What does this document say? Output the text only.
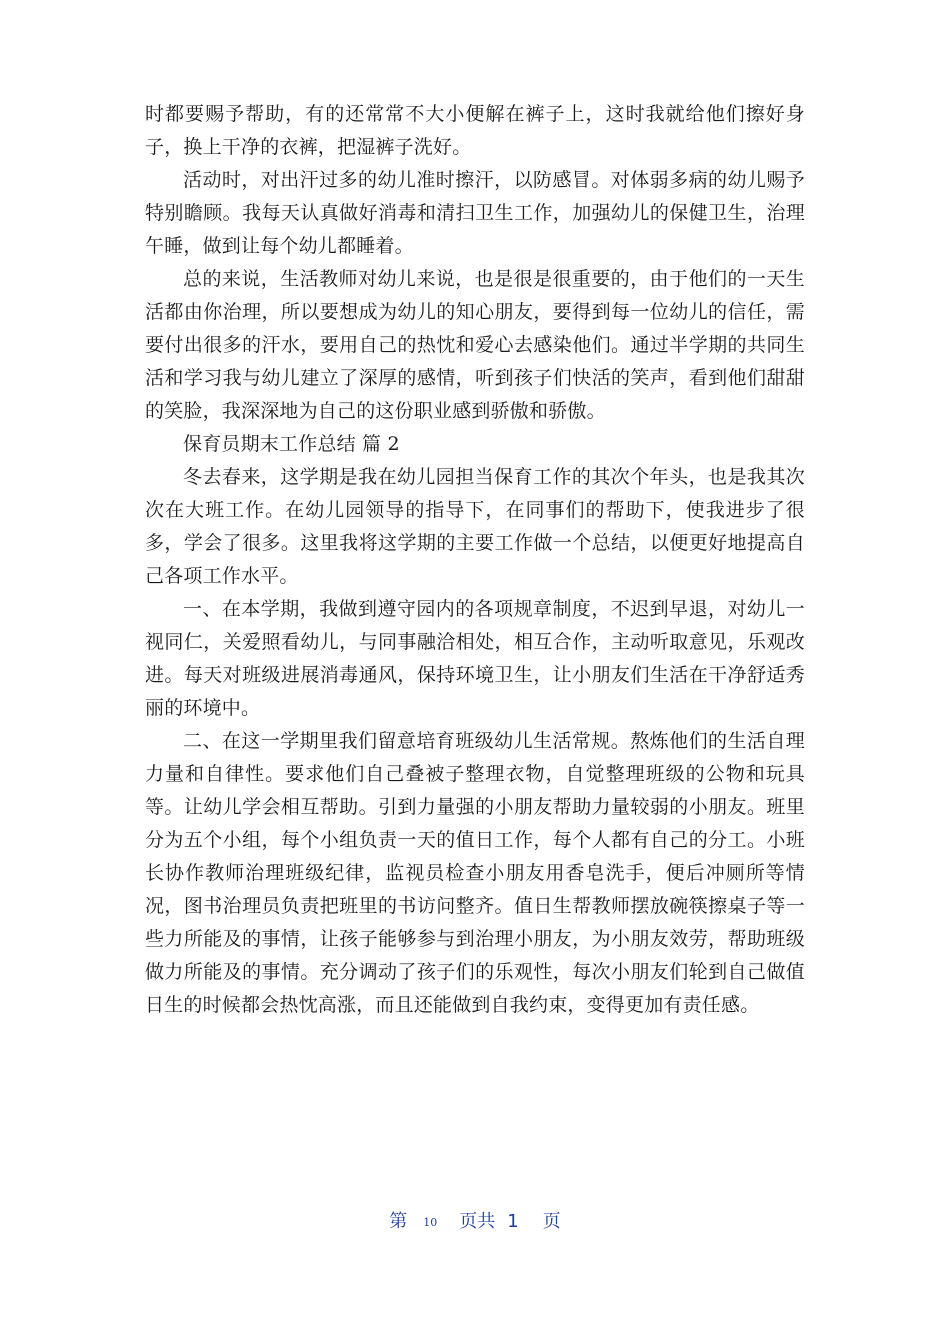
时都要赐予帮助，有的还常常不大小便解在裤子上，这时我就给他们擦好身子，换上干净的衣裤，把湿裤子洗好。

活动时，对出汗过多的幼儿准时擦汗，以防感冒。对体弱多病的幼儿赐予特别瞻顾。我每天认真做好消毒和清扫卫生工作，加强幼儿的保健卫生，治理午睡，做到让每个幼儿都睡着。

总的来说，生活教师对幼儿来说，也是很是很重要的，由于他们的一天生活都由你治理，所以要想成为幼儿的知心朋友，要得到每一位幼儿的信任，需要付出很多的汗水，要用自己的热忱和爱心去感染他们。通过半学期的共同生活和学习我与幼儿建立了深厚的感情，听到孩子们快活的笑声，看到他们甜甜的笑脸，我深深地为自己的这份职业感到骄傲和骄傲。

保育员期末工作总结 篇 2

冬去春来，这学期是我在幼儿园担当保育工作的其次个年头，也是我其次次在大班工作。在幼儿园领导的指导下，在同事们的帮助下，使我进步了很多，学会了很多。这里我将这学期的主要工作做一个总结，以便更好地提高自己各项工作水平。

一、在本学期，我做到遵守园内的各项规章制度，不迟到早退，对幼儿一视同仁，关爱照看幼儿，与同事融洽相处，相互合作，主动听取意见，乐观改进。每天对班级进展消毒通风，保持环境卫生，让小朋友们生活在干净舒适秀丽的环境中。

二、在这一学期里我们留意培育班级幼儿生活常规。熬炼他们的生活自理力量和自律性。要求他们自己叠被子整理衣物，自觉整理班级的公物和玩具等。让幼儿学会相互帮助。引到力量强的小朋友帮助力量较弱的小朋友。班里分为五个小组，每个小组负责一天的值日工作，每个人都有自己的分工。小班长协作教师治理班级纪律，监视员检查小朋友用香皂洗手，便后冲厕所等情况，图书治理员负责把班里的书访问整齐。值日生帮教师摆放碗筷擦桌子等一些力所能及的事情，让孩子能够参与到治理小朋友，为小朋友效劳，帮助班级做力所能及的事情。充分调动了孩子们的乐观性，每次小朋友们轮到自己做值日生的时候都会热忱高涨，而且还能做到自我约束，变得更加有责任感。

第 10 页共 1 页
